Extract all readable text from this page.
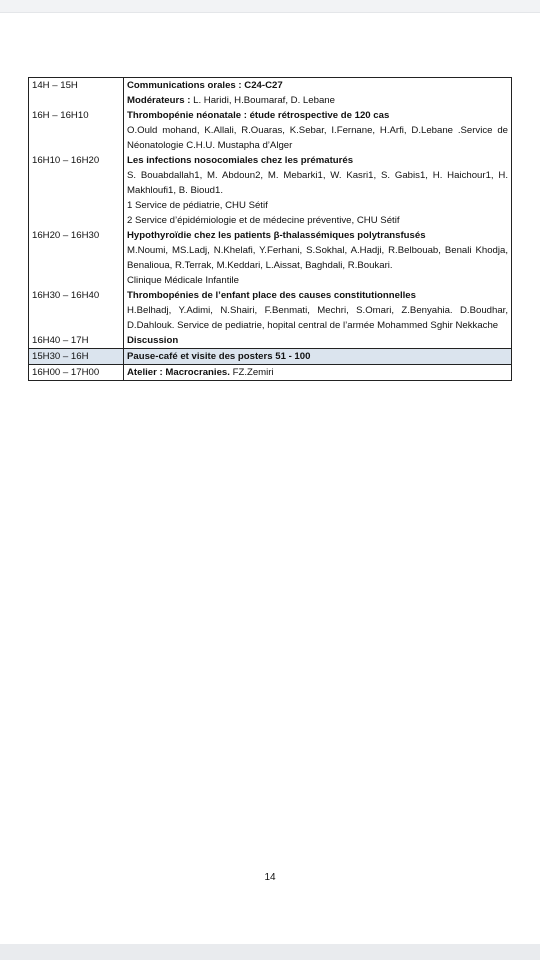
14H – 15H	Communications orales : C24-C27
Modérateurs : L. Haridi, H.Boumaraf, D. Lebane

16H – 16H10	Thrombopénie néonatale : étude rétrospective de 120 cas
O.Ould mohand, K.Allali, R.Ouaras, K.Sebar, I.Fernane, H.Arfi, D.Lebane .Service de Néonatologie C.H.U. Mustapha d’Alger

16H10 – 16H20	Les infections nosocomiales chez les prématurés
S. Bouabdallah1, M. Abdoun2, M. Mebarki1, W. Kasri1, S. Gabis1, H. Haichour1, H. Makhloufi1, B. Bioud1.
1 Service de pédiatrie, CHU Sétif
2 Service d’épidémiologie et de médecine préventive, CHU Sétif

16H20 – 16H30	Hypothyroïdie chez les patients β-thalassémiques polytransfusés
M.Noumi, MS.Ladj, N.Khelafi, Y.Ferhani, S.Sokhal, A.Hadji, R.Belbouab, Benali Khodja, Benalioua, R.Terrak, M.Keddari, L.Aissat, Baghdali, R.Boukari.
Clinique Médicale Infantile

16H30 – 16H40	Thrombopénies de l’enfant place des causes constitutionnelles
H.Belhadj, Y.Adimi, N.Shairi, F.Benmati, Mechri, S.Omari, Z.Benyahia. D.Boudhar, D.Dahlouk. Service de pediatrie, hopital central de l’armée Mohammed Sghir Nekkache

16H40 – 17H	Discussion

15H30 – 16H	Pause-café et visite des posters 51 - 100
16H00 – 17H00	Atelier : Macrocranies. FZ.Zemiri
14
